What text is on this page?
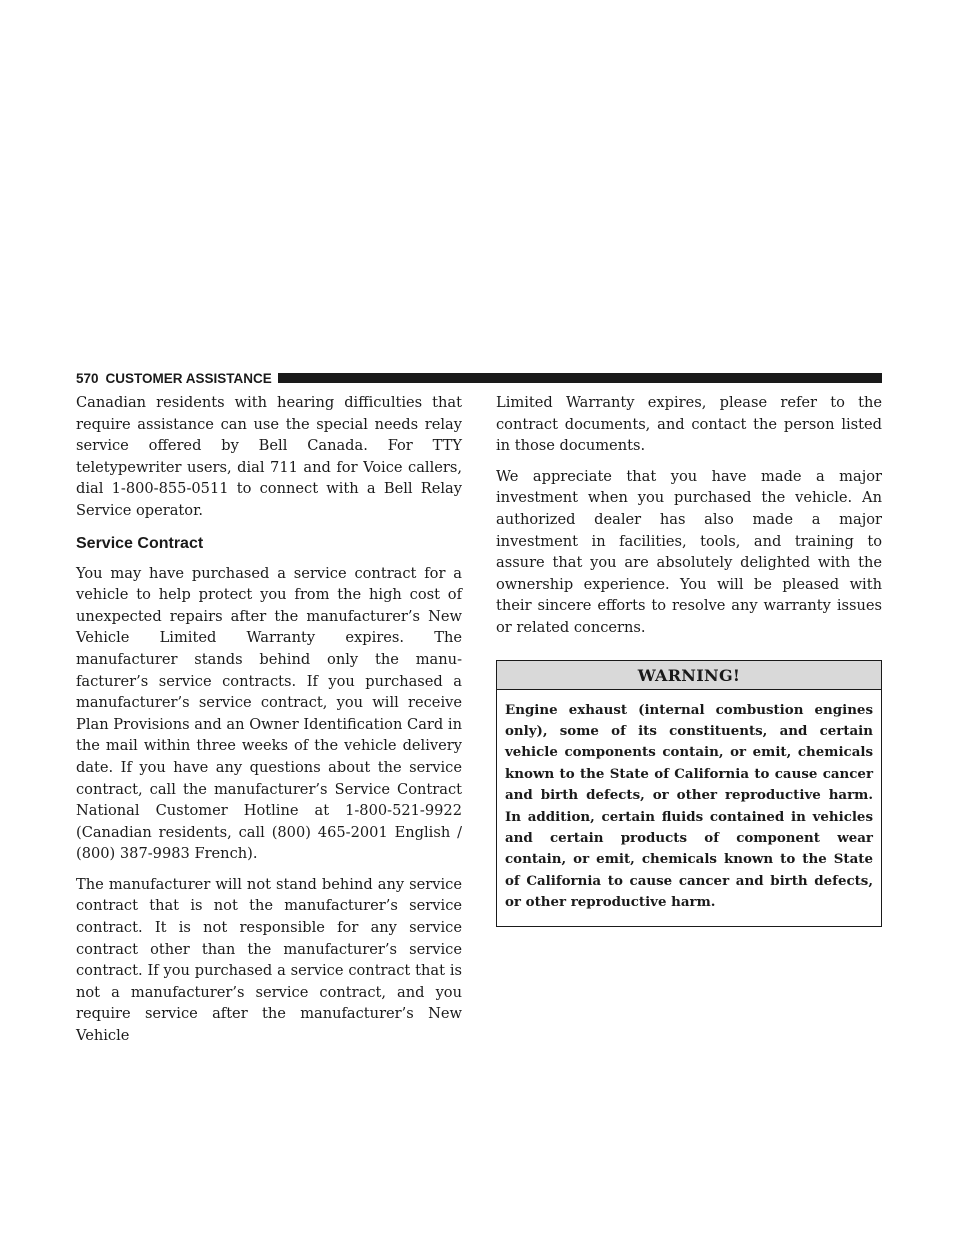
570 CUSTOMER ASSISTANCE

Canadian residents with hearing difficulties that require assistance can use the special needs relay service offered by Bell Canada. For TTY teletypewriter users, dial 711 and for Voice callers, dial 1-800-855-0511 to connect with a Bell Relay Service operator.

Service Contract

You may have purchased a service contract for a vehicle to help protect you from the high cost of unexpected repairs after the manufacturer’s New Vehicle Limited Warranty expires. The manufacturer stands behind only the manufacturer’s service contracts. If you purchased a manufacturer’s service contract, you will receive Plan Provisions and an Owner Identification Card in the mail within three weeks of the vehicle delivery date. If you have any questions about the service contract, call the manufacturer’s Service Contract National Customer Hotline at 1-800-521-9922 (Canadian residents, call (800) 465-2001 English / (800) 387-9983 French).

The manufacturer will not stand behind any service contract that is not the manufacturer’s service contract. It is not responsible for any service contract other than the manufacturer’s service contract. If you purchased a service contract that is not a manufacturer’s service contract, and you require service after the manufacturer’s New Vehicle

Limited Warranty expires, please refer to the contract documents, and contact the person listed in those documents.

We appreciate that you have made a major investment when you purchased the vehicle. An authorized dealer has also made a major investment in facilities, tools, and training to assure that you are absolutely delighted with the ownership experience. You will be pleased with their sincere efforts to resolve any warranty issues or related concerns.

WARNING!
Engine exhaust (internal combustion engines only), some of its constituents, and certain vehicle components contain, or emit, chemicals known to the State of California to cause cancer and birth defects, or other reproductive harm. In addition, certain fluids contained in vehicles and certain products of component wear contain, or emit, chemicals known to the State of California to cause cancer and birth defects, or other reproductive harm.
